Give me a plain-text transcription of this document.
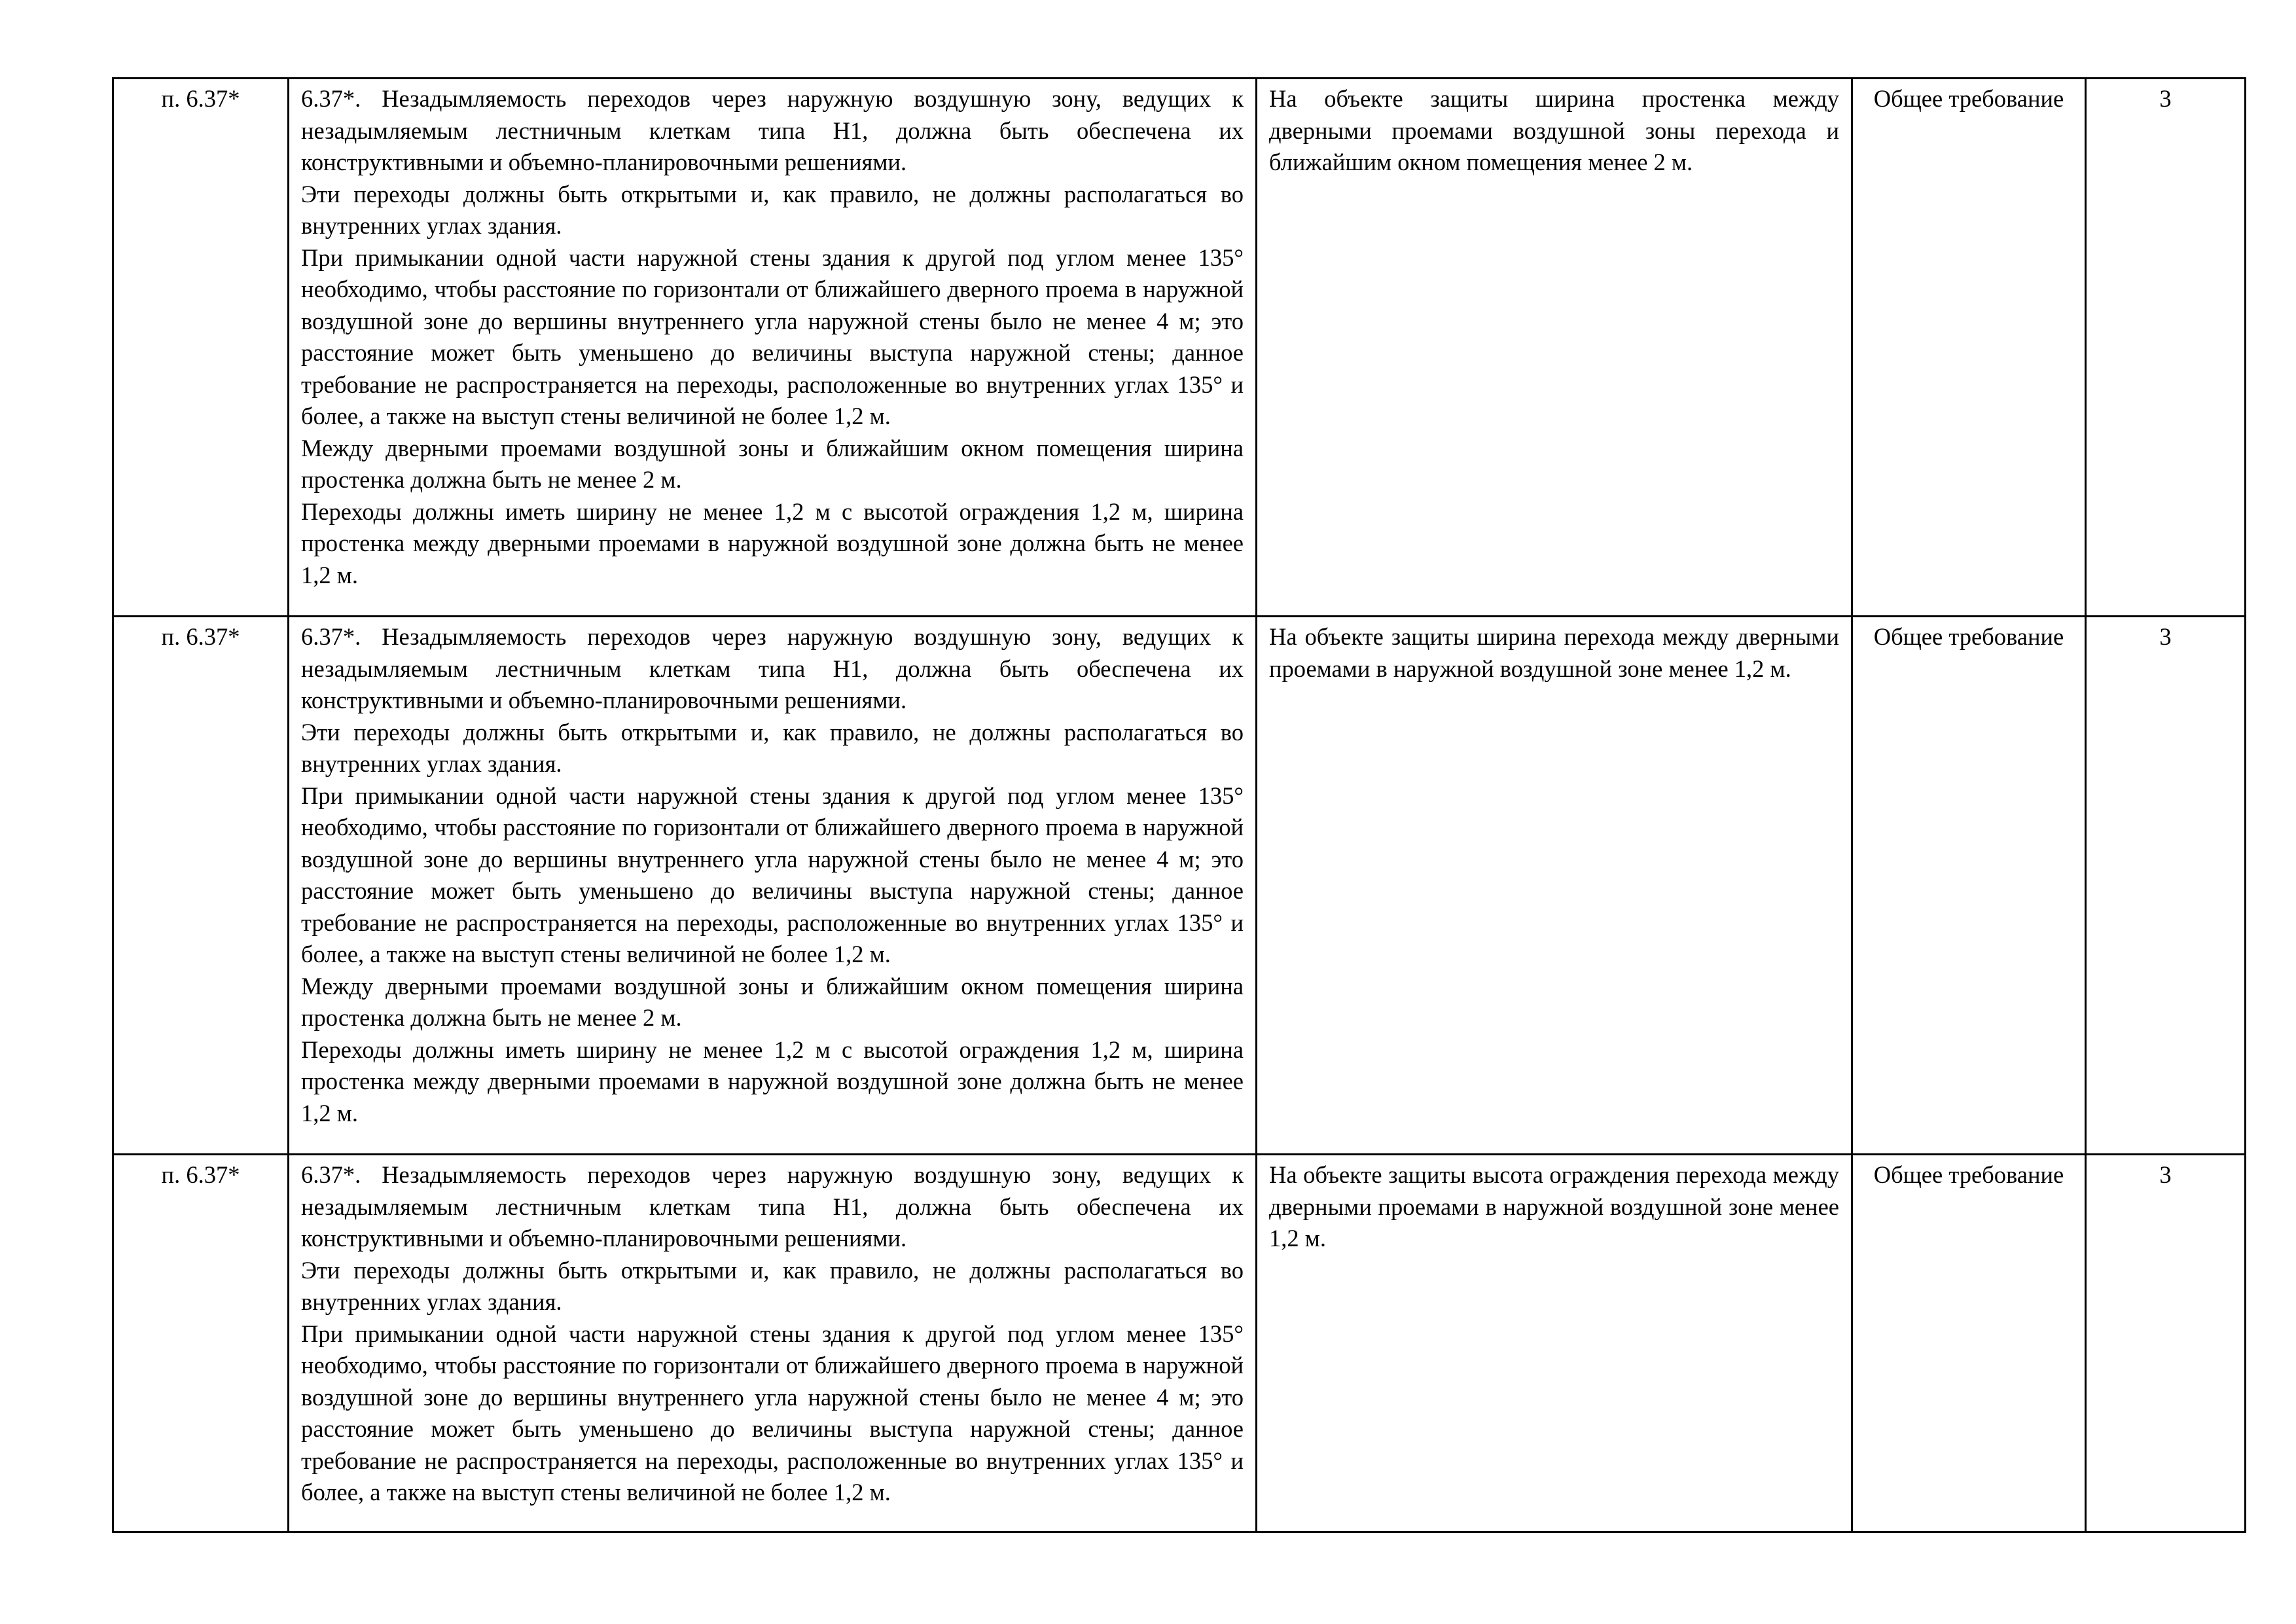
п. 6.37*	6.37*. Незадымляемость переходов через наружную воздушную зону, ведущих к незадымляемым лестничным клеткам типа Н1, должна быть обеспечена их конструктивными и объемно-планировочными решениями.
Эти переходы должны быть открытыми и, как правило, не должны располагаться во внутренних углах здания.
При примыкании одной части наружной стены здания к другой под углом менее 135° необходимо, чтобы расстояние по горизонтали от ближайшего дверного проема в наружной воздушной зоне до вершины внутреннего угла наружной стены было не менее 4 м; это расстояние может быть уменьшено до величины выступа наружной стены; данное требование не распространяется на переходы, расположенные во внутренних углах 135° и более, а также на выступ стены величиной не более 1,2 м.
Между дверными проемами воздушной зоны и ближайшим окном помещения ширина простенка должна быть не менее 2 м.
Переходы должны иметь ширину не менее 1,2 м с высотой ограждения 1,2 м, ширина простенка между дверными проемами в наружной воздушной зоне должна быть не менее 1,2 м.	На объекте защиты ширина простенка между дверными проемами воздушной зоны перехода и ближайшим окном помещения менее 2 м.	Общее требование	3
п. 6.37*	6.37*. Незадымляемость переходов через наружную воздушную зону, ведущих к незадымляемым лестничным клеткам типа Н1, должна быть обеспечена их конструктивными и объемно-планировочными решениями.
Эти переходы должны быть открытыми и, как правило, не должны располагаться во внутренних углах здания.
При примыкании одной части наружной стены здания к другой под углом менее 135° необходимо, чтобы расстояние по горизонтали от ближайшего дверного проема в наружной воздушной зоне до вершины внутреннего угла наружной стены было не менее 4 м; это расстояние может быть уменьшено до величины выступа наружной стены; данное требование не распространяется на переходы, расположенные во внутренних углах 135° и более, а также на выступ стены величиной не более 1,2 м.
Между дверными проемами воздушной зоны и ближайшим окном помещения ширина простенка должна быть не менее 2 м.
Переходы должны иметь ширину не менее 1,2 м с высотой ограждения 1,2 м, ширина простенка между дверными проемами в наружной воздушной зоне должна быть не менее 1,2 м.	На объекте защиты ширина перехода между дверными проемами в наружной воздушной зоне менее 1,2 м.	Общее требование	3
п. 6.37*	6.37*. Незадымляемость переходов через наружную воздушную зону, ведущих к незадымляемым лестничным клеткам типа Н1, должна быть обеспечена их конструктивными и объемно-планировочными решениями.
Эти переходы должны быть открытыми и, как правило, не должны располагаться во внутренних углах здания.
При примыкании одной части наружной стены здания к другой под углом менее 135° необходимо, чтобы расстояние по горизонтали от ближайшего дверного проема в наружной воздушной зоне до вершины внутреннего угла наружной стены было не менее 4 м; это расстояние может быть уменьшено до величины выступа наружной стены; данное требование не распространяется на переходы, расположенные во внутренних углах 135° и более, а также на выступ стены величиной не более 1,2 м.	На объекте защиты высота ограждения перехода между дверными проемами в наружной воздушной зоне менее 1,2 м.	Общее требование	3
